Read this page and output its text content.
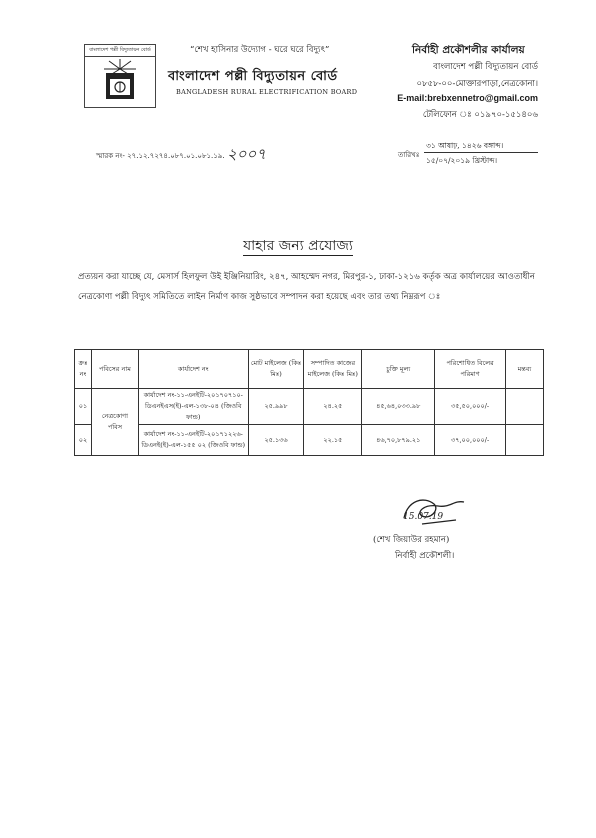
বাংলাদেশ পল্লী বিদ্যুতায়ন বোর্ড	“শেখ হাসিনার উদ্যোগ - ঘরে ঘরে বিদ্যুৎ”
বাংলাদেশ পল্লী বিদ্যুতায়ন বোর্ড
BANGLADESH RURAL ELECTRIFICATION BOARD
নির্বাহী প্রকৌশলীর কার্যালয়
বাংলাদেশ পল্লী বিদ্যুতায়ন বোর্ড
০৮৫৮-০০-মোক্তারপাড়া,নেত্রকোনা।
E-mail:brebxennetro@gmail.com
টেলিফোন ঃ ০১৯৭০-১৫১৪০৬
স্মারক নং- ২৭.১২.৭২৭৪.০৮৭.০১.০৮১.১৯. ২০০৭	তারিখঃ
৩১ আষাঢ়, ১৪২৬ বঙ্গাব্দ।
১৫/০৭/২০১৯ খ্রিস্টাব্দ।
যাহার জন্য প্রযোজ্য
প্রত্যয়ন করা যাচ্ছে যে, মেসার্স হিলফুল উই ইঞ্জিনিয়ারিং, ২৪৭, আহম্মেদ নগর, মিরপুর-১, ঢাকা-১২১৬ কর্তৃক অত্র কার্যালয়ের আওতাধীন নেত্রকোণা পল্লী বিদ্যুৎ সমিতিতে লাইন নির্মাণ কাজ সুষ্ঠভাবে সম্পাদন করা হয়েছে এবং তার তথ্য নিম্নরূপ ঃ
ক্রঃ নং	পবিসের নাম	কার্যাদেশ নং	মোট মাইলেজ (কিঃ মিঃ)	সম্পাদিত কাজের মাইলেজ (কিঃ মিঃ)	চুক্তি মূল্য	পরিশোধিত বিলের পরিমাণ	মন্তব্য
০১	নেত্রকোণা পবিস	কার্যাদেশ নং-১১-এনইটি-২০১৭০৭১০-ডিএনইএস(ই)-এল-১৩৮-০৪ (জিওবি ফান্ড)	২৫.৯৯৮	২৪.২৫	৪৫,৬৪,০৩৩.৯৮	৩৫,৫০,০০০/-	
০২		কার্যাদেশ নং-১১-এনইটি-২০১৭১২২৬-ডিএনই(ই)-এল-১৫৫ ০২ (জিওবি ফান্ড)	২৫.১৩৬	২২.১৫	৪৬,৭০,৮৭৯.২১	৩৭,০০,০০০/-	
15.07.19
(শেখ জিয়াউর রহমান)
নির্বাহী প্রকৌশলী।
